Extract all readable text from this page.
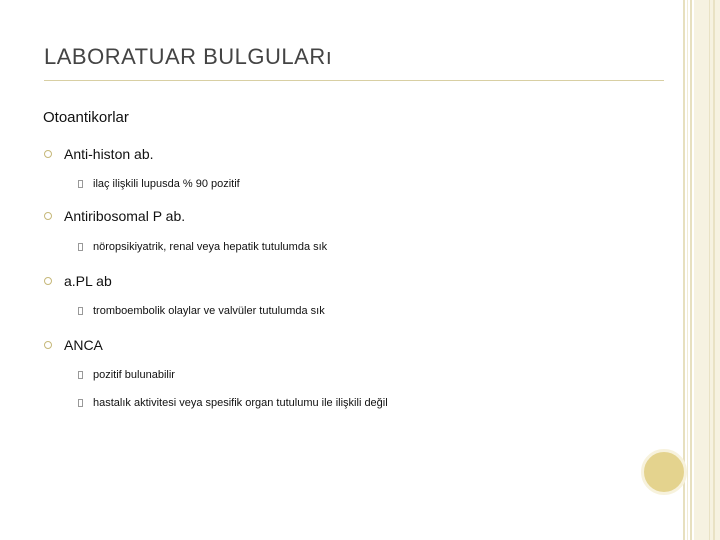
LABORATUAR BULGULARı
Otoantikorlar
Anti-histon ab.
ilaç ilişkili lupusda % 90 pozitif
Antiribosomal P ab.
nöropsikiyatrik, renal veya hepatik tutulumda sık
a.PL ab
tromboembolik olaylar ve valvüler tutulumda sık
ANCA
pozitif bulunabilir
hastalık aktivitesi veya spesifik organ tutulumu ile ilişkili değil
